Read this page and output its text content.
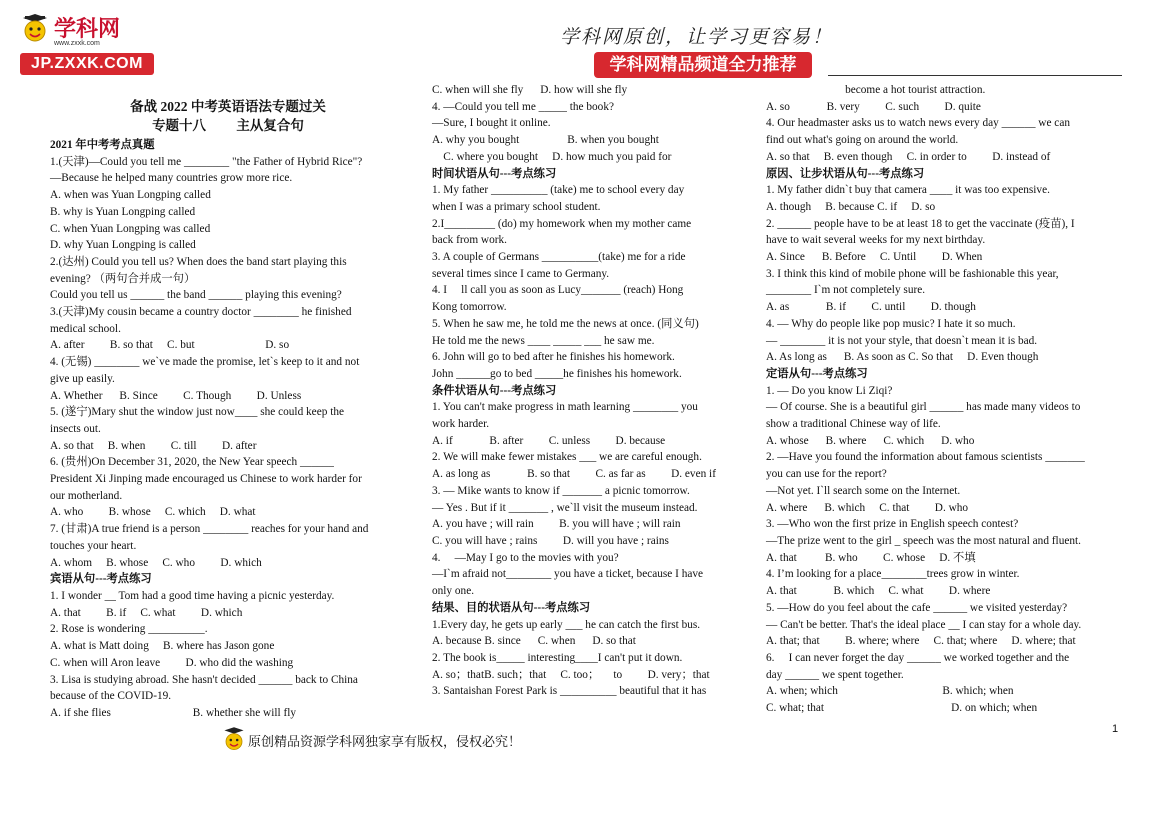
学科网
www.zxxk.com
JP.ZXXK.COM
学科网原创，让学习更容易！
学科网精品频道全力推荐

备战 2022 中考英语语法专题过关

专题十八 　　主从复合句

2021 年中考考点真题

1.(天津)—Could you tell me ________ "the Father of Hybrid Rice"?

—Because he helped many countries grow more rice.

A. when was Yuan Longping called

B. why is Yuan Longping called

C. when Yuan Longping was called

D. why Yuan Longping is called

2.(达州) Could you tell us? When does the band start playing this

evening? （两句合并成一句）

Could you tell us ______ the band ______ playing this evening?

3.(天津)My cousin became a country doctor ________ he finished

medical school.

A. after 　　B. so that 　C. but 　　　　　　D. so

4. (无锡) ________ we`ve made the promise, let`s keep to it and not

give up easily.

A. Whether 　 B. Since 　　C. Though 　　D. Unless

5. (遂宁)Mary shut the window just now____ she could keep the

insects out.

A. so that 　B. when 　　C. till 　　D. after

6. (贵州)On December 31, 2020, the New Year speech ______

President Xi Jinping made encouraged us Chinese to work harder for

our motherland.

A. who 　　B. whose 　C. which 　D. what

7. (甘肃)A true friend is a person ________ reaches for your hand and

touches your heart.

A. whom 　B. whose 　C. who 　　D. which

宾语从句---考点练习

1. I wonder __ Tom had a good time having a picnic yesterday.

A. that 　　B. if 　C. what 　　D. which

2. Rose is wondering __________.

A. what is Matt doing 　B. where has Jason gone

C. when will Aron leave 　　D. who did the washing

3. Lisa is studying abroad. She hasn't decided ______ back to China

because of the COVID-19.

A. if she flies 　　　　　　　B. whether she will fly

C. when will she fly 　 D. how will she fly

4. —Could you tell me _____ the book?

—Sure, I bought it online.

A. why you bought 　　　　B. when you bought

　C. where you bought 　D. how much you paid for

时间状语从句---考点练习

1. My father __________ (take) me to school every day

when I was a primary school student.

2.I_________ (do) my homework when my mother came

back from work.

3. A couple of Germans __________(take) me for a ride

several times since I came to Germany.

4. I 　ll call you as soon as Lucy_______ (reach) Hong

Kong tomorrow.

5. When he saw me, he told me the news at once. (同义句)

He told me the news ____ _____ ___ he saw me.

6. John will go to bed after he finishes his homework.

John ______go to bed _____he finishes his homework.

条件状语从句---考点练习

1. You can't make progress in math learning ________ you

work harder.

A. if 　　　B. after 　　C. unless 　　D. because

2. We will make fewer mistakes ___ we are careful enough.

A. as long as 　　　B. so that 　　C. as far as 　　D. even if

3. — Mike wants to know if _______ a picnic tomorrow.

— Yes . But if it _______ , we`ll visit the museum instead.

A. you have ; will rain 　　B. you will have ; will rain

C. you will have ; rains 　　D. will you have ; rains

4. 　—May I go to the movies with you?

—I`m afraid not________ you have a ticket, because I have

only one.

结果、目的状语从句---考点练习

1.Every day, he gets up early ___ he can catch the first bus.

A. because B. since 　 C. when 　 D. so that

2. The book is_____ interesting____I can't put it down.

A. so；thatB. such；that 　C. too； 　to 　　D. very；that

3. Santaishan Forest Park is __________ beautiful that it has

　　　　　　　become a hot tourist attraction.

A. so 　　　B. very 　　C. such 　　D. quite

4. Our headmaster asks us to watch news every day ______ we can

find out what's going on around the world.

A. so that 　B. even though 　C. in order to 　　D. instead of

原因、让步状语从句---考点练习

1. My father didn`t buy that camera ____ it was too expensive.

A. though 　B. because C. if 　D. so

2. ______ people have to be at least 18 to get the vaccinate (疫苗), I

have to wait several weeks for my next birthday.

A. Since 　 B. Before 　C. Until 　　D. When

3. I think this kind of mobile phone will be fashionable this year,

________ I`m not completely sure.

A. as 　　　B. if 　　C. until 　　D. though

4. — Why do people like pop music? I hate it so much.

— ________ it is not your style, that doesn`t mean it is bad.

A. As long as 　 B. As soon as C. So that 　D. Even though

定语从句---考点练习

1. — Do you know Li Ziqi?

— Of course. She is a beautiful girl ______ has made many videos to

show a traditional Chinese way of life.

A. whose 　 B. where 　 C. which 　 D. who

2. —Have you found the information about famous scientists _______

you can use for the report?

—Not yet. I`ll search some on the Internet.

A. where 　 B. which 　C. that 　　D. who

3. —Who won the first prize in English speech contest?

—The prize went to the girl _ speech was the most natural and fluent.

A. that 　　 B. who 　　C. whose 　D. 不填

4. I’m looking for a place________trees grow in winter.

A. that 　　　B. which 　C. what 　　D. where

5. —How do you feel about the cafe ______ we visited yesterday?

— Can't be better. That's the ideal place __ I can stay for a whole day.

A. that; that 　　B. where; where 　C. that; where 　D. where; that

6. 　I can never forget the day ______ we worked together and the

day ______ we spent together.

A. when; which 　　　　　　　　　B. which; when

C. what; that 　　　　　　　　　　　D. on which; when

1
原创精品资源学科网独家享有版权，侵权必究！
